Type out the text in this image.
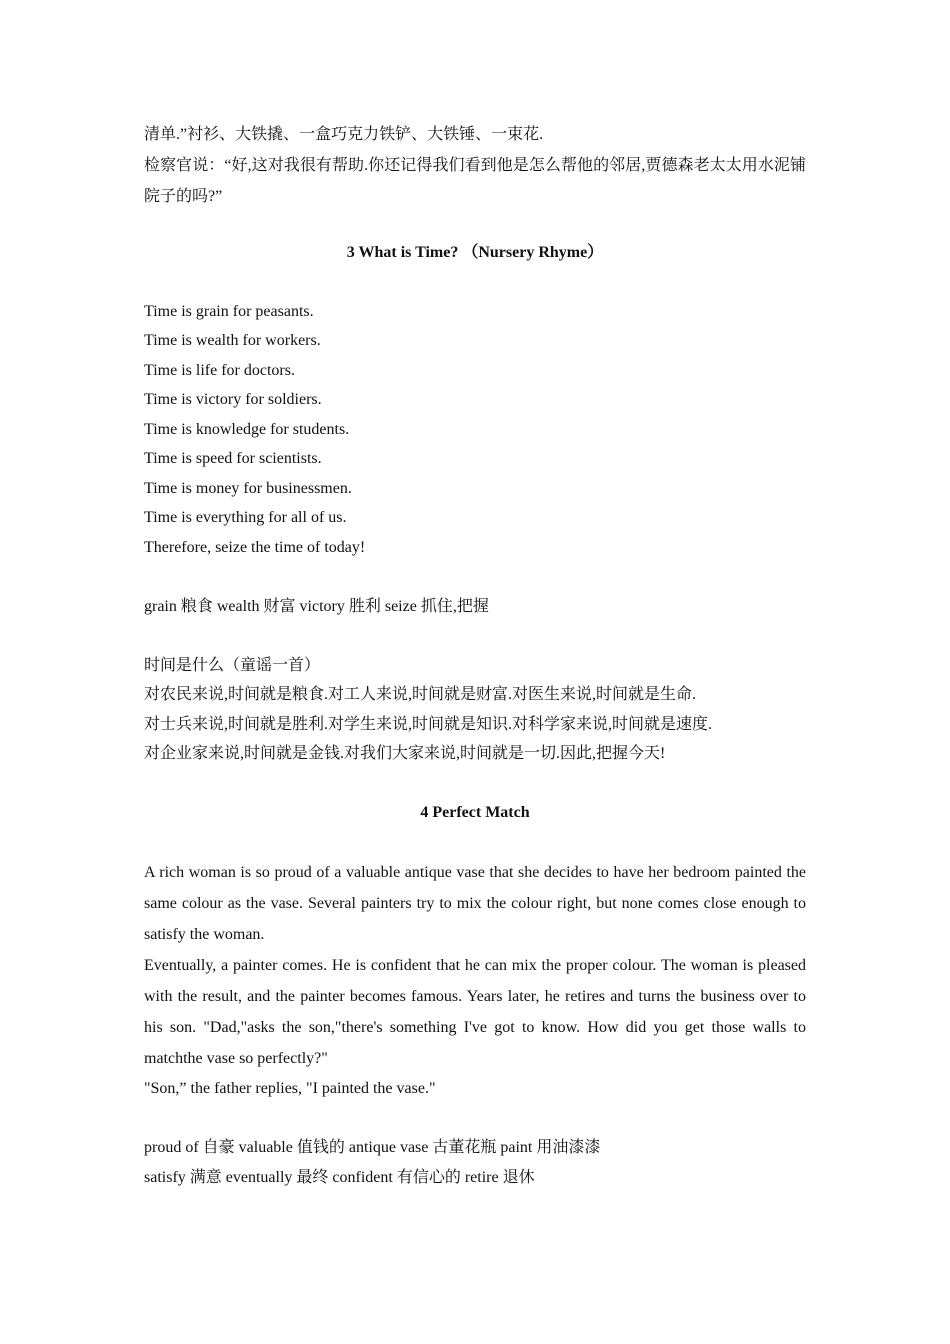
清单.”衬衫、大铁撬、一盒巧克力铁铲、大铁锤、一束花.

检察官说：“好,这对我很有帮助.你还记得我们看到他是怎么帮他的邻居,贾德森老太太用水泥铺院子的吗?”

3 What is Time? （Nursery Rhyme）

Time is grain for peasants.

Time is wealth for workers.

Time is life for doctors.

Time is victory for soldiers.

Time is knowledge for students.

Time is speed for scientists.

Time is money for businessmen.

Time is everything for all of us.

Therefore, seize the time of today!

grain 粮食 wealth 财富 victory 胜利 seize 抓住,把握

时间是什么（童谣一首）

对农民来说,时间就是粮食.对工人来说,时间就是财富.对医生来说,时间就是生命.

对士兵来说,时间就是胜利.对学生来说,时间就是知识.对科学家来说,时间就是速度.

对企业家来说,时间就是金钱.对我们大家来说,时间就是一切.因此,把握今天!

4 Perfect Match

A rich woman is so proud of a valuable antique vase that she decides to have her bedroom painted the same colour as the vase. Several painters try to mix the colour right, but none comes close enough to satisfy the woman.

Eventually, a painter comes. He is confident that he can mix the proper colour. The woman is pleased with the result, and the painter becomes famous. Years later, he retires and turns the business over to his son. "Dad,"asks the son,"there's something I've got to know. How did you get those walls to matchthe vase so perfectly?"

"Son,” the father replies, "I painted the vase."

proud of 自豪 valuable 值钱的 antique vase 古董花瓶 paint 用油漆漆

satisfy 满意 eventually 最终 confident 有信心的 retire 退休
